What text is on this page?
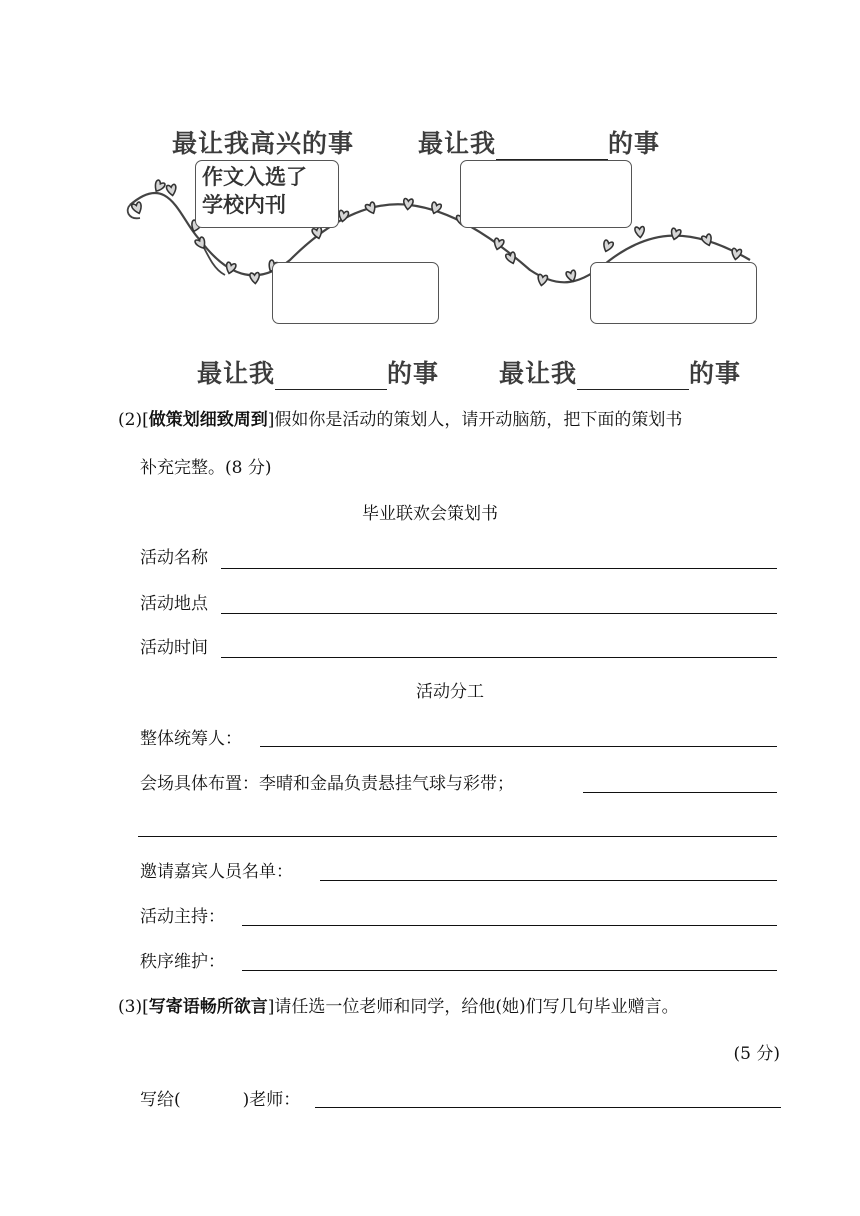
最让我高兴的事	最让我	的事
作文入选了
学校内刊
最让我	的事 最让我	的事
(2)[做策划细致周到]假如你是活动的策划人，请开动脑筋，把下面的策划书
补充完整。(8 分)
毕业联欢会策划书
活动名称
活动地点
活动时间
活动分工
整体统筹人：
会场具体布置：李晴和金晶负责悬挂气球与彩带；
邀请嘉宾人员名单：
活动主持：
秩序维护：
(3)[写寄语畅所欲言]请任选一位老师和同学，给他(她)们写几句毕业赠言。
(5 分)
写给(	)老师：
